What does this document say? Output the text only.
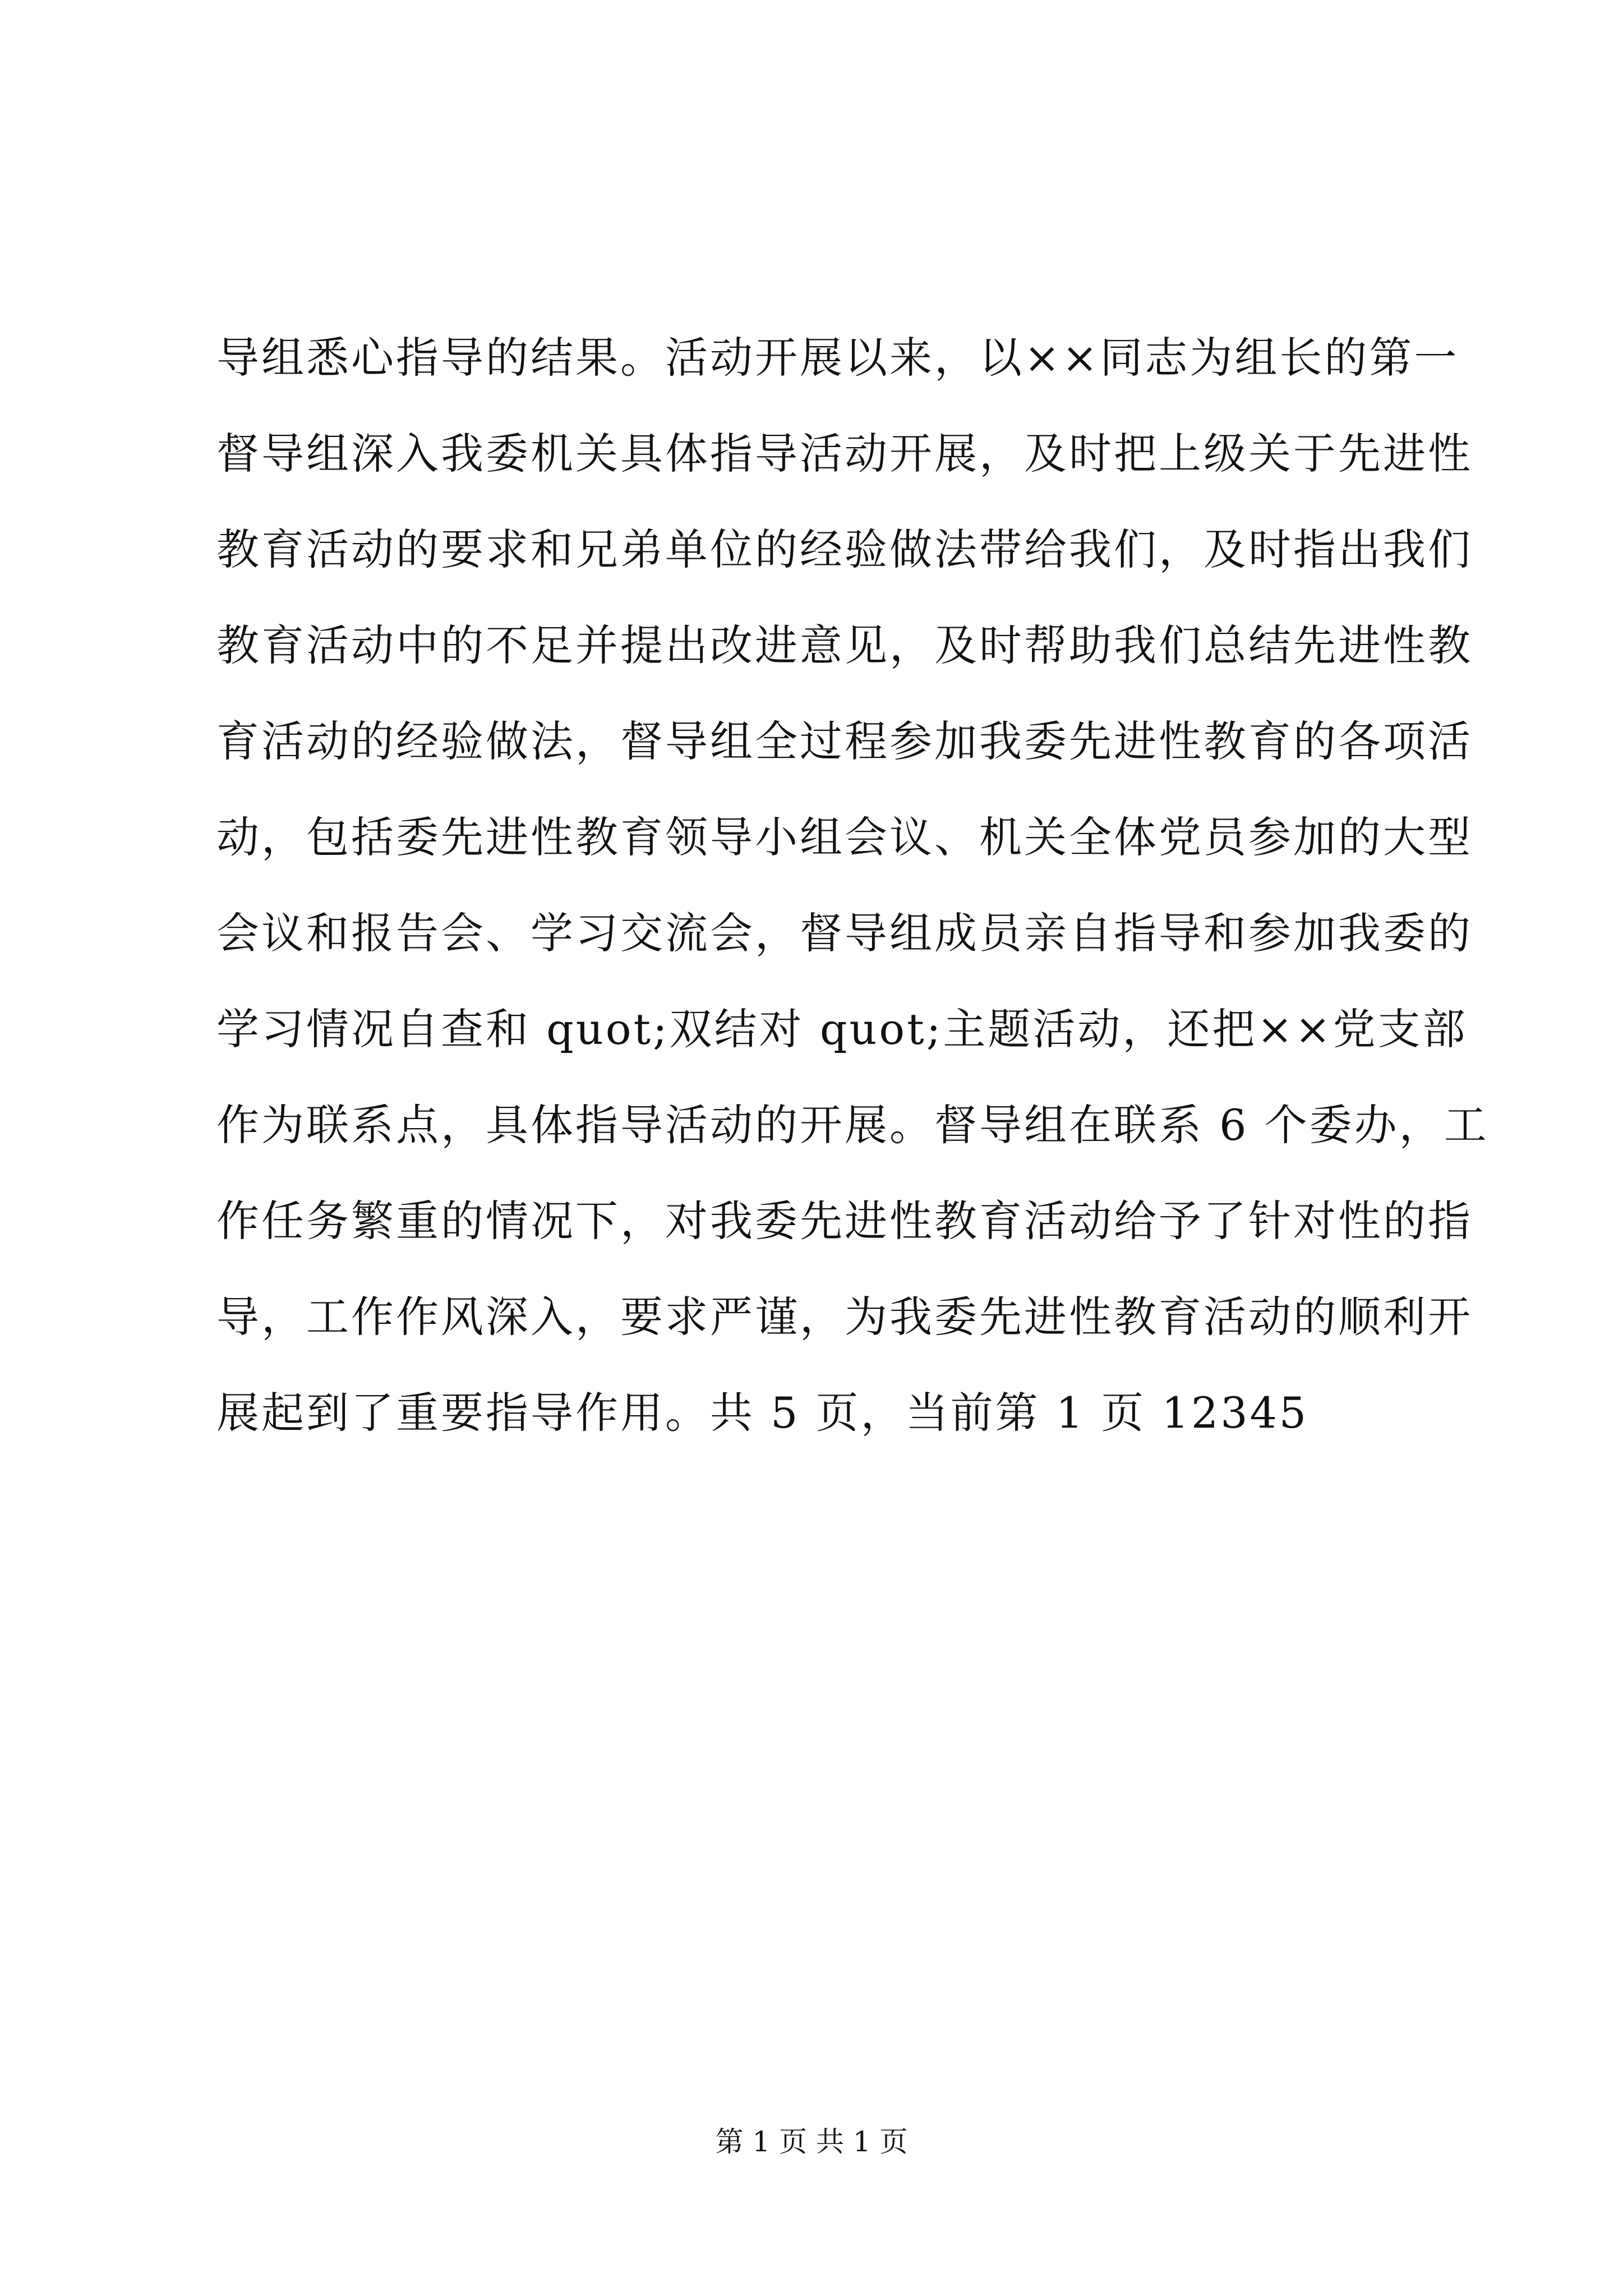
导组悉心指导的结果。活动开展以来，以××同志为组长的第一
督导组深入我委机关具体指导活动开展，及时把上级关于先进性
教育活动的要求和兄弟单位的经验做法带给我们，及时指出我们
教育活动中的不足并提出改进意见，及时帮助我们总结先进性教
育活动的经验做法，督导组全过程参加我委先进性教育的各项活
动，包括委先进性教育领导小组会议、机关全体党员参加的大型
会议和报告会、学习交流会，督导组成员亲自指导和参加我委的
学习情况自查和 quot;双结对 quot;主题活动，还把××党支部
作为联系点，具体指导活动的开展。督导组在联系 6 个委办，工
作任务繁重的情况下，对我委先进性教育活动给予了针对性的指
导，工作作风深入，要求严谨，为我委先进性教育活动的顺利开
展起到了重要指导作用。共 5 页，当前第 1 页 12345
第 1 页 共 1 页
